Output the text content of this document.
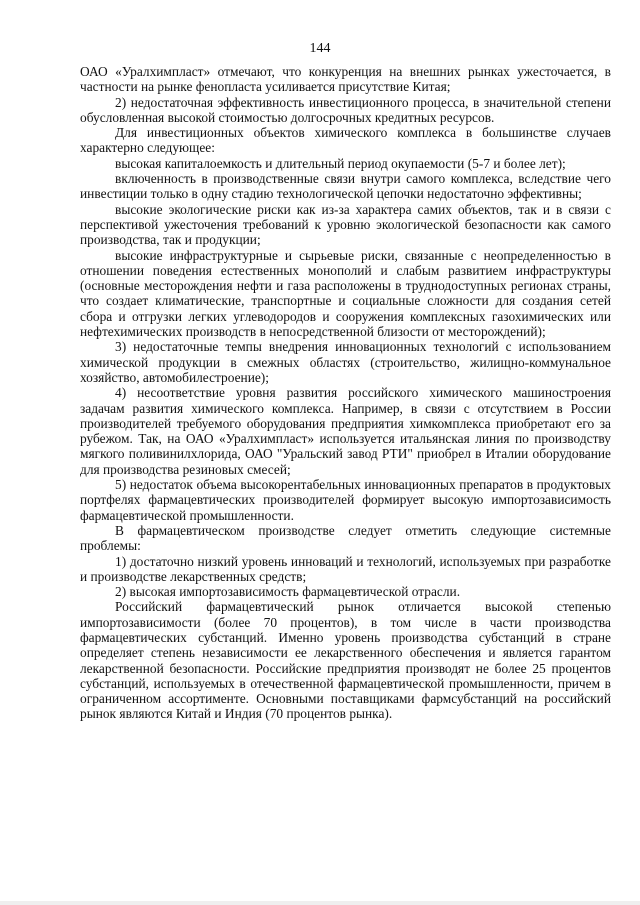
144

ОАО «Уралхимпласт» отмечают, что конкуренция на внешних рынках ужесточается, в частности на рынке фенопласта усиливается присутствие Китая;

2) недостаточная эффективность инвестиционного процесса, в значительной степени обусловленная высокой стоимостью долгосрочных кредитных ресурсов.

Для инвестиционных объектов химического комплекса в большинстве случаев характерно следующее:

высокая капиталоемкость и длительный период окупаемости (5-7 и более лет);

включенность в производственные связи внутри самого комплекса, вследствие чего инвестиции только в одну стадию технологической цепочки недостаточно эффективны;

высокие экологические риски как из-за характера самих объектов, так и в связи с перспективой ужесточения требований к уровню экологической безопасности как самого производства, так и продукции;

высокие инфраструктурные и сырьевые риски, связанные с неопределенностью в отношении поведения естественных монополий и слабым развитием инфраструктуры (основные месторождения нефти и газа расположены в труднодоступных регионах страны, что создает климатические, транспортные и социальные сложности для создания сетей сбора и отгрузки легких углеводородов и сооружения комплексных газохимических или нефтехимических производств в непосредственной близости от месторождений);

3) недостаточные темпы внедрения инновационных технологий с использованием химической продукции в смежных областях (строительство, жилищно-коммунальное хозяйство, автомобилестроение);

4) несоответствие уровня развития российского химического машиностроения задачам развития химического комплекса. Например, в связи с отсутствием в России производителей требуемого оборудования предприятия химкомплекса приобретают его за рубежом. Так, на ОАО «Уралхимпласт» используется итальянская линия по производству мягкого поливинилхлорида, ОАО "Уральский завод РТИ" приобрел в Италии оборудование для производства резиновых смесей;

5) недостаток объема высокорентабельных инновационных препаратов в продуктовых портфелях фармацевтических производителей формирует высокую импортозависимость фармацевтической промышленности.

В фармацевтическом производстве следует отметить следующие системные проблемы:

1) достаточно низкий уровень инноваций и технологий, используемых при разработке и производстве лекарственных средств;

2) высокая импортозависимость фармацевтической отрасли.

Российский фармацевтический рынок отличается высокой степенью импортозависимости (более 70 процентов), в том числе в части производства фармацевтических субстанций. Именно уровень производства субстанций в стране определяет степень независимости ее лекарственного обеспечения и является гарантом лекарственной безопасности. Российские предприятия производят не более 25 процентов субстанций, используемых в отечественной фармацевтической промышленности, причем в ограниченном ассортименте. Основными поставщиками фармсубстанций на российский рынок являются Китай и Индия (70 процентов рынка).
